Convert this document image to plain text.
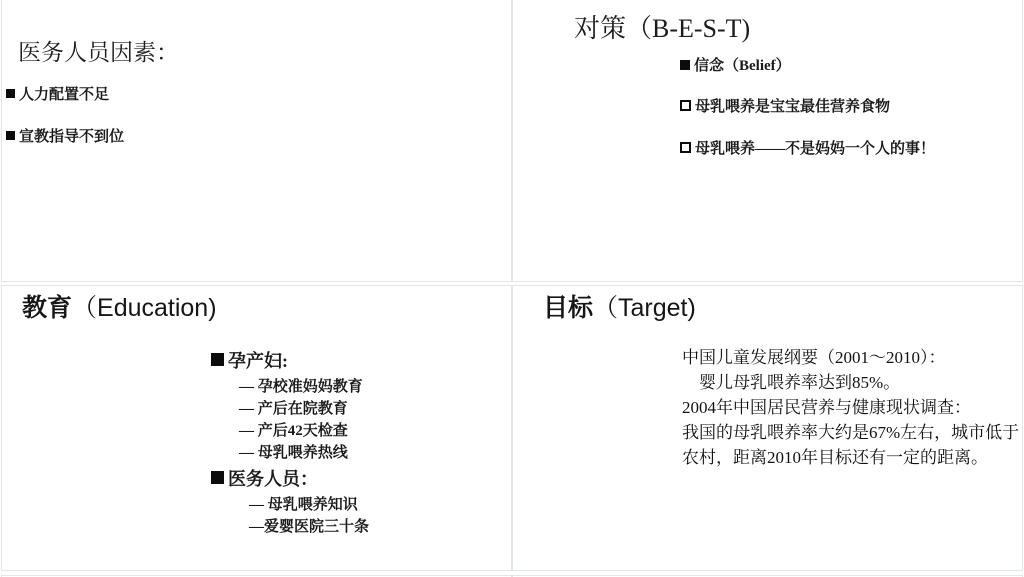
医务人员因素：
人力配置不足
宣教指导不到位
对策（B-E-S-T)
信念（Belief）
母乳喂养是宝宝最佳营养食物
母乳喂养——不是妈妈一个人的事！
教育（Education)
孕产妇:
— 孕校准妈妈教育
— 产后在院教育
— 产后42天检查
— 母乳喂养热线
医务人员：
— 母乳喂养知识
—爱婴医院三十条
目标（Target)
中国儿童发展纲要（2001～2010）：
　婴儿母乳喂养率达到85%。
2004年中国居民营养与健康现状调查：
我国的母乳喂养率大约是67%左右，城市低于
农村，距离2010年目标还有一定的距离。
